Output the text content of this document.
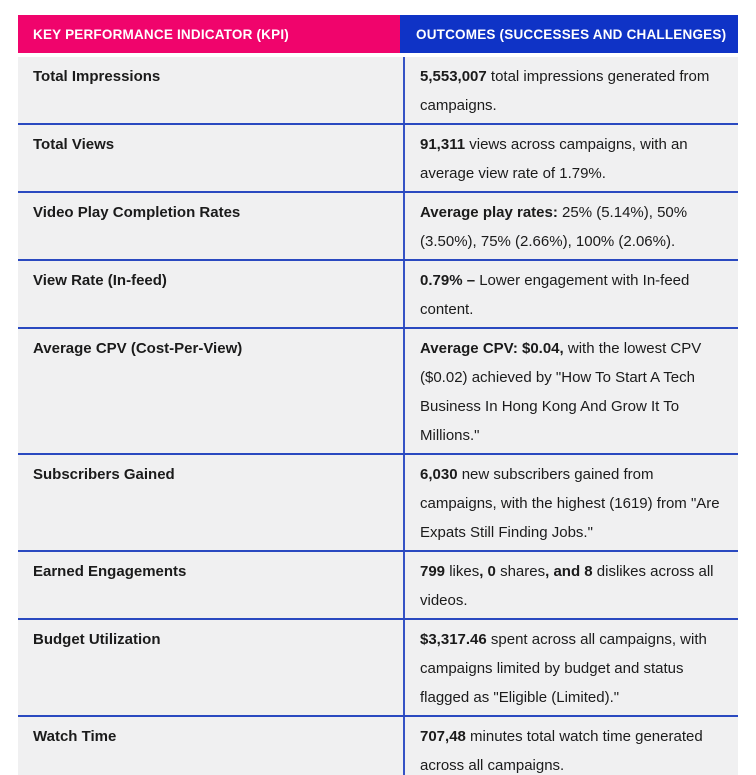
KEY PERFORMANCE INDICATOR (KPI)	OUTCOMES (SUCCESSES AND CHALLENGES)
Total Impressions	5,553,007 total impressions generated from campaigns.
Total Views	91,311 views across campaigns, with an average view rate of 1.79%.
Video Play Completion Rates	Average play rates: 25% (5.14%), 50% (3.50%), 75% (2.66%), 100% (2.06%).
View Rate (In-feed)	0.79% – Lower engagement with In-feed content.
Average CPV (Cost-Per-View)	Average CPV: $0.04, with the lowest CPV ($0.02) achieved by "How To Start A Tech Business In Hong Kong And Grow It To Millions."
Subscribers Gained	6,030 new subscribers gained from campaigns, with the highest (1619) from "Are Expats Still Finding Jobs."
Earned Engagements	799 likes, 0 shares, and 8 dislikes across all videos.
Budget Utilization	$3,317.46 spent across all campaigns, with campaigns limited by budget and status flagged as "Eligible (Limited)."
Watch Time	707,48 minutes total watch time generated across all campaigns.
